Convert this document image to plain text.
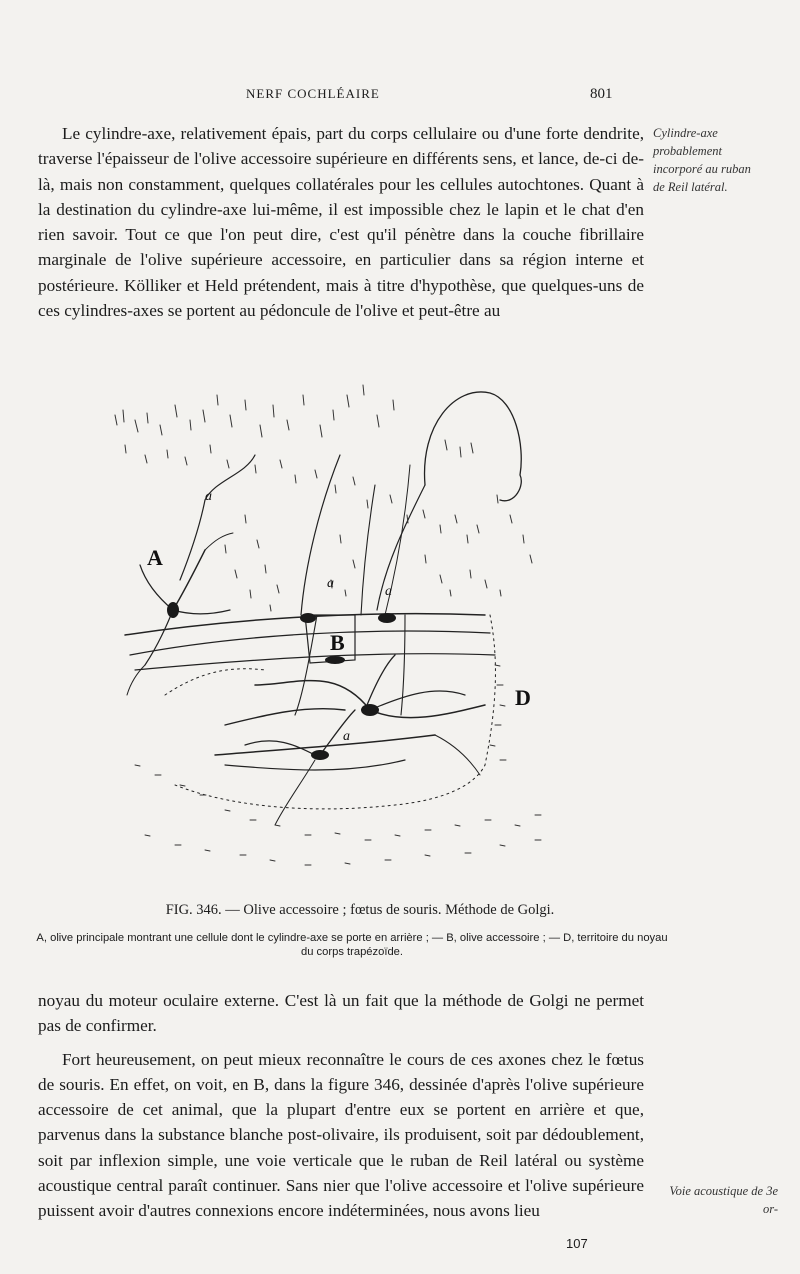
NERF COCHLÉAIRE	801

Le cylindre-axe, relativement épais, part du corps cellulaire ou d'une forte dendrite, traverse l'épaisseur de l'olive accessoire supérieure en différents sens, et lance, de-ci de-là, mais non constamment, quelques collatérales pour les cellules autochtones. Quant à la destination du cylindre-axe lui-même, il est impossible chez le lapin et le chat d'en rien savoir. Tout ce que l'on peut dire, c'est qu'il pénètre dans la couche fibrillaire marginale de l'olive supérieure accessoire, en particulier dans sa région interne et postérieure. Kölliker et Held prétendent, mais à titre d'hypothèse, que quelques-uns de ces cylindres-axes se portent au pédoncule de l'olive et peut-être au

Cylindre-axe probablement incorporé au ruban de Reil latéral.
A
B
D
a
a
a
a
FIG. 346. — Olive accessoire ; fœtus de souris. Méthode de Golgi.
A, olive principale montrant une cellule dont le cylindre-axe se porte en arrière ; — B, olive accessoire ; — D, territoire du noyau du corps trapézoïde.

noyau du moteur oculaire externe. C'est là un fait que la méthode de Golgi ne permet pas de confirmer.

Fort heureusement, on peut mieux reconnaître le cours de ces axones chez le fœtus de souris. En effet, on voit, en B, dans la figure 346, dessinée d'après l'olive supérieure accessoire de cet animal, que la plupart d'entre eux se portent en arrière et que, parvenus dans la substance blanche post-olivaire, ils produisent, soit par dédoublement, soit par inflexion simple, une voie verticale que le ruban de Reil latéral ou système acoustique central paraît continuer. Sans nier que l'olive accessoire et l'olive supérieure puissent avoir d'autres connexions encore indéterminées, nous avons lieu

Voie acoustique de 3e or-
107
